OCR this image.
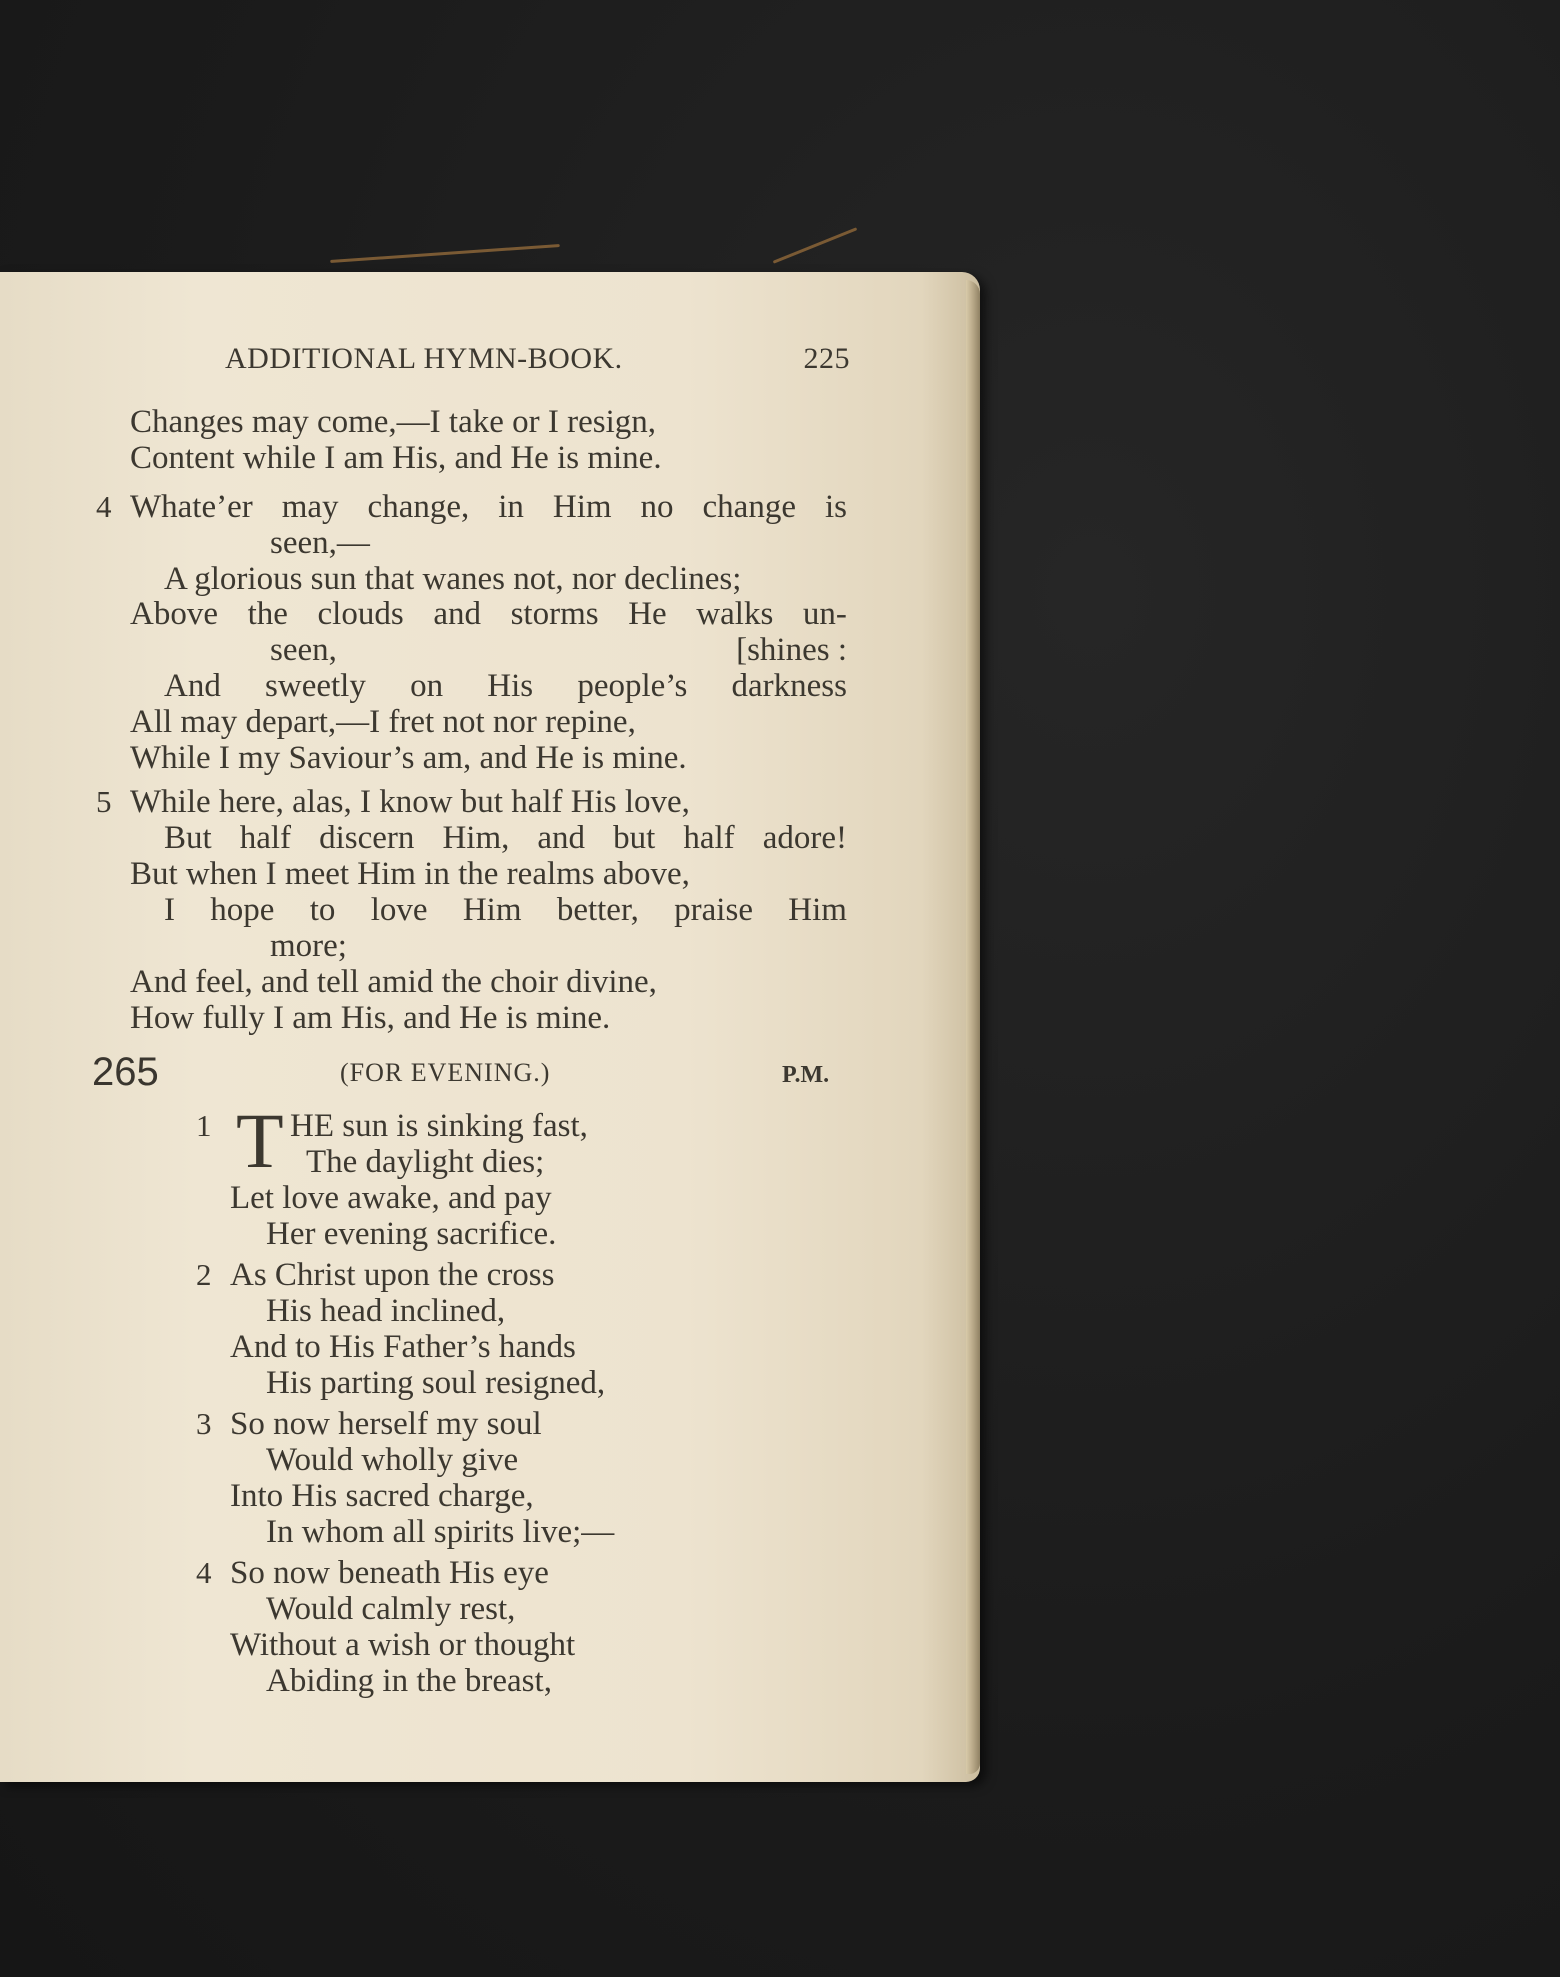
ADDITIONAL HYMN-BOOK.	225
Changes may come,—I take or I resign,
Content while I am His, and He is mine.
4 Whate’er may change, in Him no change is
seen,—
A glorious sun that wanes not, nor declines;
Above the clouds and storms He walks un-
seen,	[shines :
And sweetly on His people’s darkness
All may depart,—I fret not nor repine,
While I my Saviour’s am, and He is mine.
5 While here, alas, I know but half His love,
But half discern Him, and but half adore!
But when I meet Him in the realms above,
I hope to love Him better, praise Him
more;
And feel, and tell amid the choir divine,
How fully I am His, and He is mine.
265	(FOR EVENING.)	P.M.
1 T HE sun is sinking fast,
The daylight dies;
Let love awake, and pay
Her evening sacrifice.
2 As Christ upon the cross
His head inclined,
And to His Father’s hands
His parting soul resigned,
3 So now herself my soul
Would wholly give
Into His sacred charge,
In whom all spirits live;—
4 So now beneath His eye
Would calmly rest,
Without a wish or thought
Abiding in the breast,
